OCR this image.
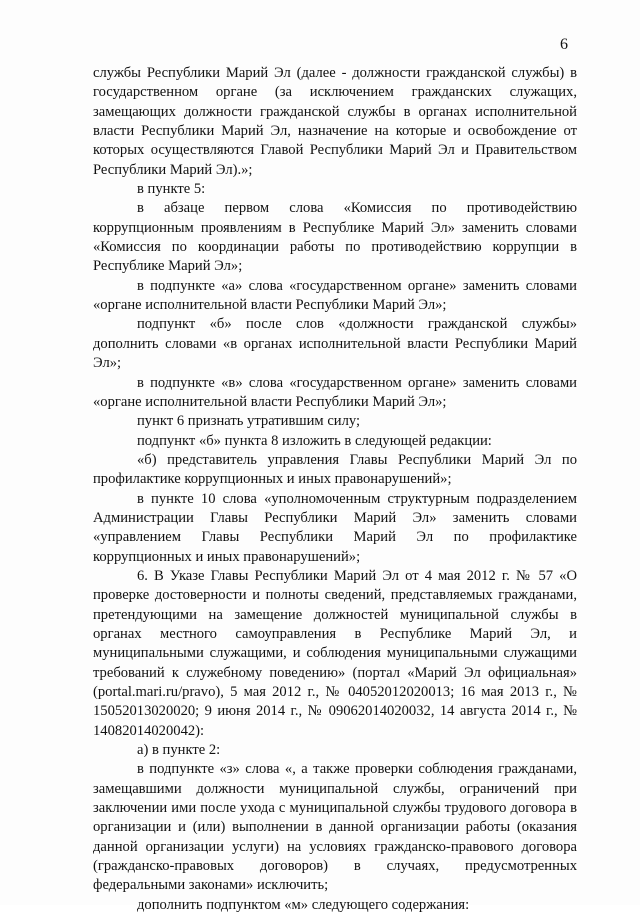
6

службы Республики Марий Эл (далее - должности гражданской службы) в государственном органе (за исключением гражданских служащих, замещающих должности гражданской службы в органах исполнительной власти Республики Марий Эл, назначение на которые и освобождение от которых осуществляются Главой Республики Марий Эл и Правительством Республики Марий Эл).»;

в пункте 5:

в абзаце первом слова «Комиссия по противодействию коррупционным проявлениям в Республике Марий Эл» заменить словами «Комиссия по координации работы по противодействию коррупции в Республике Марий Эл»;

в подпункте «а» слова «государственном органе» заменить словами «органе исполнительной власти Республики Марий Эл»;

подпункт «б» после слов «должности гражданской службы» дополнить словами «в органах исполнительной власти Республики Марий Эл»;

в подпункте «в» слова «государственном органе» заменить словами «органе исполнительной власти Республики Марий Эл»;

пункт 6 признать утратившим силу;

подпункт «б» пункта 8 изложить в следующей редакции:

«б) представитель управления Главы Республики Марий Эл по профилактике коррупционных и иных правонарушений»;

в пункте 10 слова «уполномоченным структурным подразделением Администрации Главы Республики Марий Эл» заменить словами «управлением Главы Республики Марий Эл по профилактике коррупционных и иных правонарушений»;

6. В Указе Главы Республики Марий Эл от 4 мая 2012 г. № 57 «О проверке достоверности и полноты сведений, представляемых гражданами, претендующими на замещение должностей муниципальной службы в органах местного самоуправления в Республике Марий Эл, и муниципальными служащими, и соблюдения муниципальными служащими требований к служебному поведению» (портал «Марий Эл официальная» (portal.mari.ru/pravo), 5 мая 2012 г., № 04052012020013; 16 мая 2013 г., № 15052013020020; 9 июня 2014 г., № 09062014020032, 14 августа 2014 г., № 14082014020042):

а) в пункте 2:

в подпункте «з» слова «, а также проверки соблюдения гражданами, замещавшими должности муниципальной службы, ограничений при заключении ими после ухода с муниципальной службы трудового договора в организации и (или) выполнении в данной организации работы (оказания данной организации услуги) на условиях гражданско-правового договора (гражданско-правовых договоров) в случаях, предусмотренных федеральными законами» исключить;

дополнить подпунктом «м» следующего содержания:
